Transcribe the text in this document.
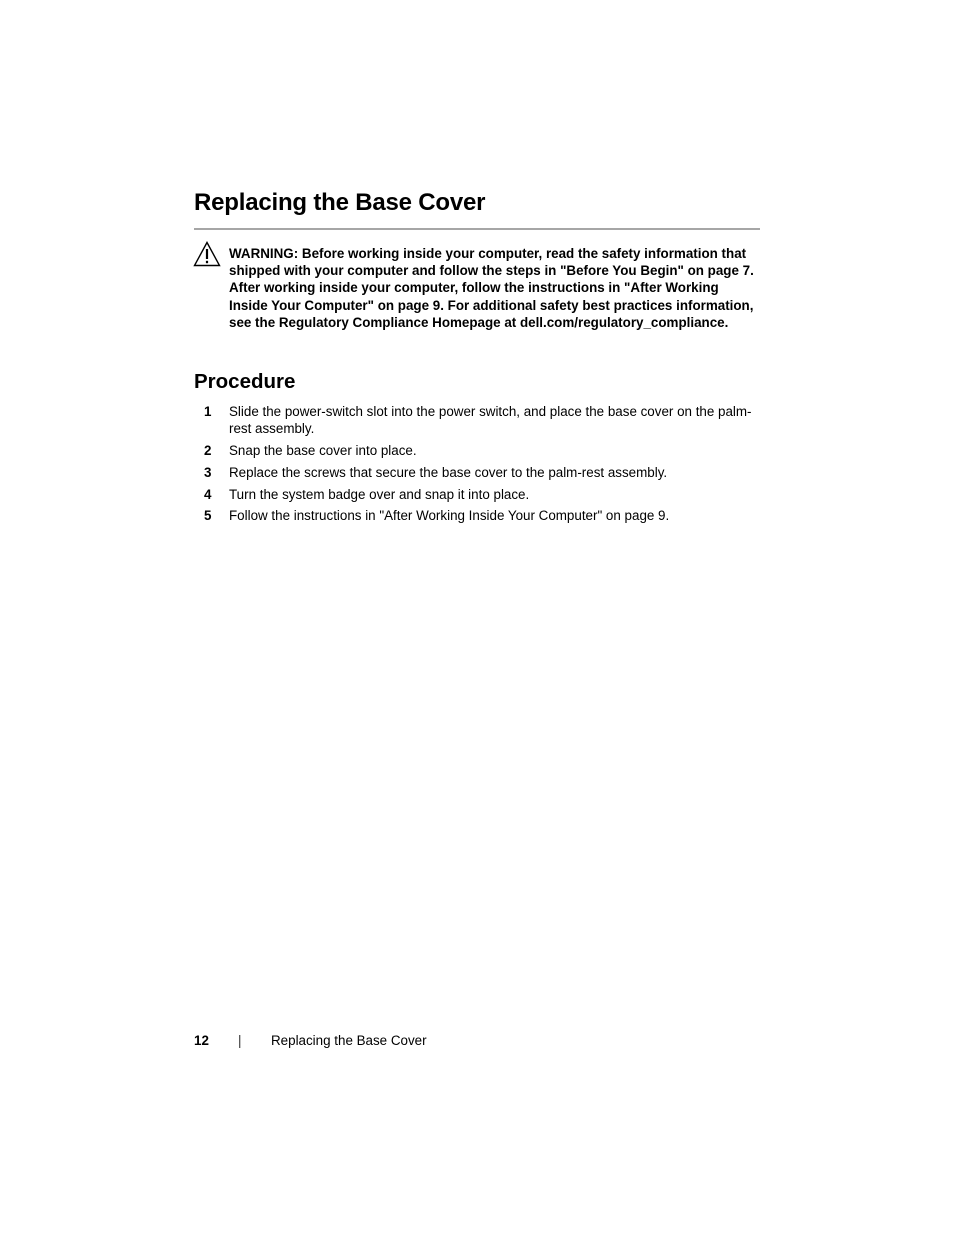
Replacing the Base Cover

WARNING: Before working inside your computer, read the safety information that shipped with your computer and follow the steps in "Before You Begin" on page 7. After working inside your computer, follow the instructions in "After Working Inside Your Computer" on page 9. For additional safety best practices information, see the Regulatory Compliance Homepage at dell.com/regulatory_compliance.

Procedure
1 Slide the power-switch slot into the power switch, and place the base cover on the palm-rest assembly.
2 Snap the base cover into place.
3 Replace the screws that secure the base cover to the palm-rest assembly.
4 Turn the system badge over and snap it into place.
5 Follow the instructions in "After Working Inside Your Computer" on page 9.
12 | Replacing the Base Cover
